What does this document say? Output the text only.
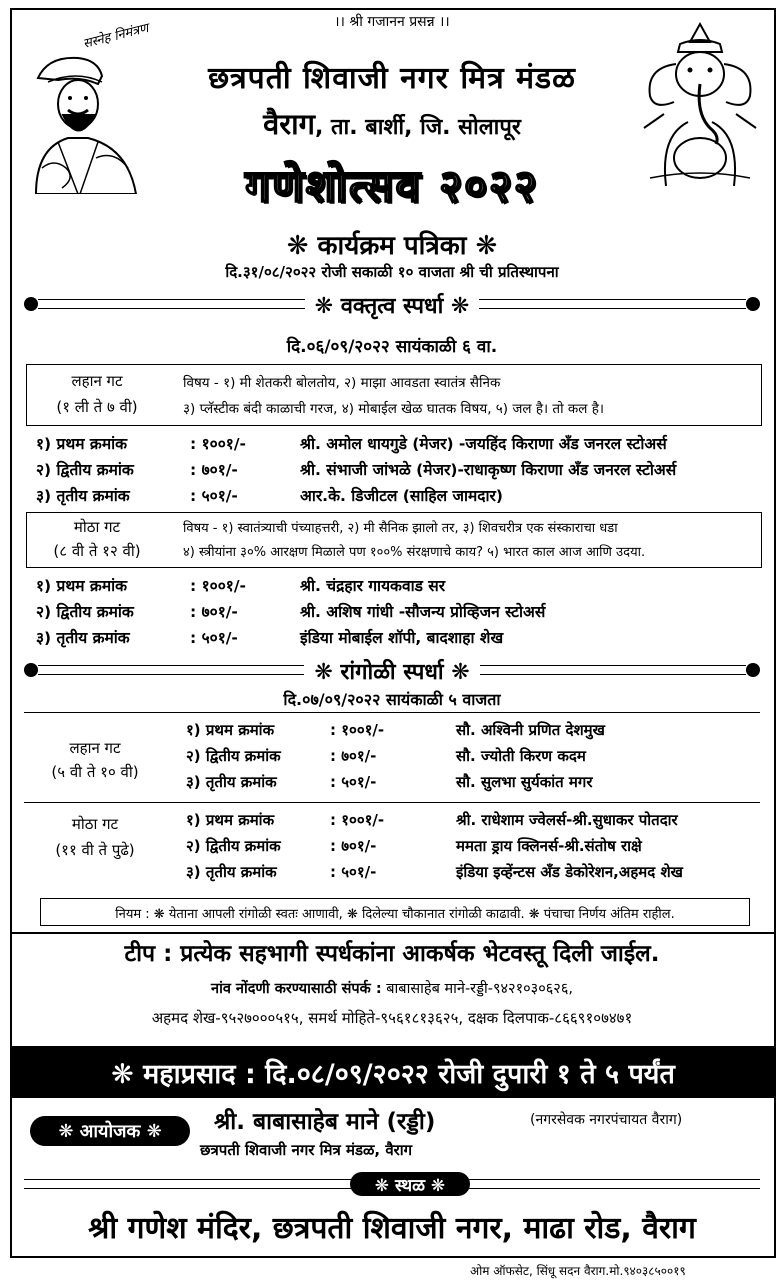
सस्नेह निमंत्रण	।। श्री गजानन प्रसन्न ।।
छत्रपती शिवाजी नगर मित्र मंडळ
वैराग, ता. बार्शी, जि. सोलापूर
गणेशोत्सव २०२२
❋ कार्यक्रम पत्रिका ❋
दि.३१/०८/२०२२ रोजी सकाळी १० वाजता श्री ची प्रतिस्थापना
❋ वक्तृत्व स्पर्धा ❋
दि.०६/०९/२०२२ सायंकाळी ६ वा.
लहान गट
(१ ली ते ७ वी)
विषय - १) मी शेतकरी बोलतोय, २) माझा आवडता स्वातंत्र सैनिक
३) प्लॅस्टीक बंदी काळाची गरज, ४) मोबाईल खेळ घातक विषय, ५) जल है। तो कल है।
१) प्रथम क्रमांक	: १००१/-	श्री. अमोल धायगुडे (मेजर) -जयहिंद किराणा अँड जनरल स्टोअर्स
२) द्वितीय क्रमांक	: ७०१/-	श्री. संभाजी जांभळे (मेजर)-राधाकृष्ण किराणा अँड जनरल स्टोअर्स
३) तृतीय क्रमांक	: ५०१/-	आर.के. डिजीटल (साहिल जामदार)
मोठा गट
(८ वी ते १२ वी)
विषय - १) स्वातंत्र्याची पंच्याहत्तरी, २) मी सैनिक झालो तर, ३) शिवचरीत्र एक संस्काराचा धडा
४) स्त्रीयांना ३०% आरक्षण मिळाले पण १००% संरक्षणाचे काय? ५) भारत काल आज आणि उदया.
१) प्रथम क्रमांक	: १००१/-	श्री. चंद्रहार गायकवाड सर
२) द्वितीय क्रमांक	: ७०१/-	श्री. अशिष गांधी -सौजन्य प्रोव्हिजन स्टोअर्स
३) तृतीय क्रमांक	: ५०१/-	इंडिया मोबाईल शॉपी, बादशाहा शेख
❋ रांगोळी स्पर्धा ❋
दि.०७/०९/२०२२ सायंकाळी ५ वाजता
लहान गट
(५ वी ते १० वी)
१) प्रथम क्रमांक	: १००१/-	सौ. अश्विनी प्रणित देशमुख
२) द्वितीय क्रमांक	: ७०१/-	सौ. ज्योती किरण कदम
३) तृतीय क्रमांक	: ५०१/-	सौ. सुलभा सुर्यकांत मगर
मोठा गट
(११ वी ते पुढे)
१) प्रथम क्रमांक	: १००१/-	श्री. राधेशाम ज्वेलर्स-श्री.सुधाकर पोतदार
२) द्वितीय क्रमांक	: ७०१/-	ममता ड्राय क्लिनर्स-श्री.संतोष राक्षे
३) तृतीय क्रमांक	: ५०१/-	इंडिया इव्हेंन्टस अँड डेकोरेशन,अहमद शेख
नियम : ❋ येताना आपली रांगोळी स्वतः आणावी, ❋ दिलेल्या चौकानात रांगोळी काढावी. ❋ पंचाचा निर्णय अंतिम राहील.
टीप : प्रत्येक सहभागी स्पर्धकांना आकर्षक भेटवस्तू दिली जाईल.
नांव नोंदणी करण्यासाठी संपर्क : बाबासाहेब माने-रड्डी-९४२१०३०६२६,
अहमद शेख-९५२७०००५१५, समर्थ मोहिते-९५६१८१३६२५, दक्षक दिलपाक-८६६९१०७४७१
❋ महाप्रसाद : दि.०८/०९/२०२२ रोजी दुपारी १ ते ५ पर्यंत
❋ आयोजक ❋	श्री. बाबासाहेब माने (रड्डी)	(नगरसेवक नगरपंचायत वैराग)
छत्रपती शिवाजी नगर मित्र मंडळ, वैराग
❋ स्थळ ❋
श्री गणेश मंदिर, छत्रपती शिवाजी नगर, माढा रोड, वैराग
ओम ऑफसेट, सिंधू सदन वैराग.मो.९४०३८५००१९
